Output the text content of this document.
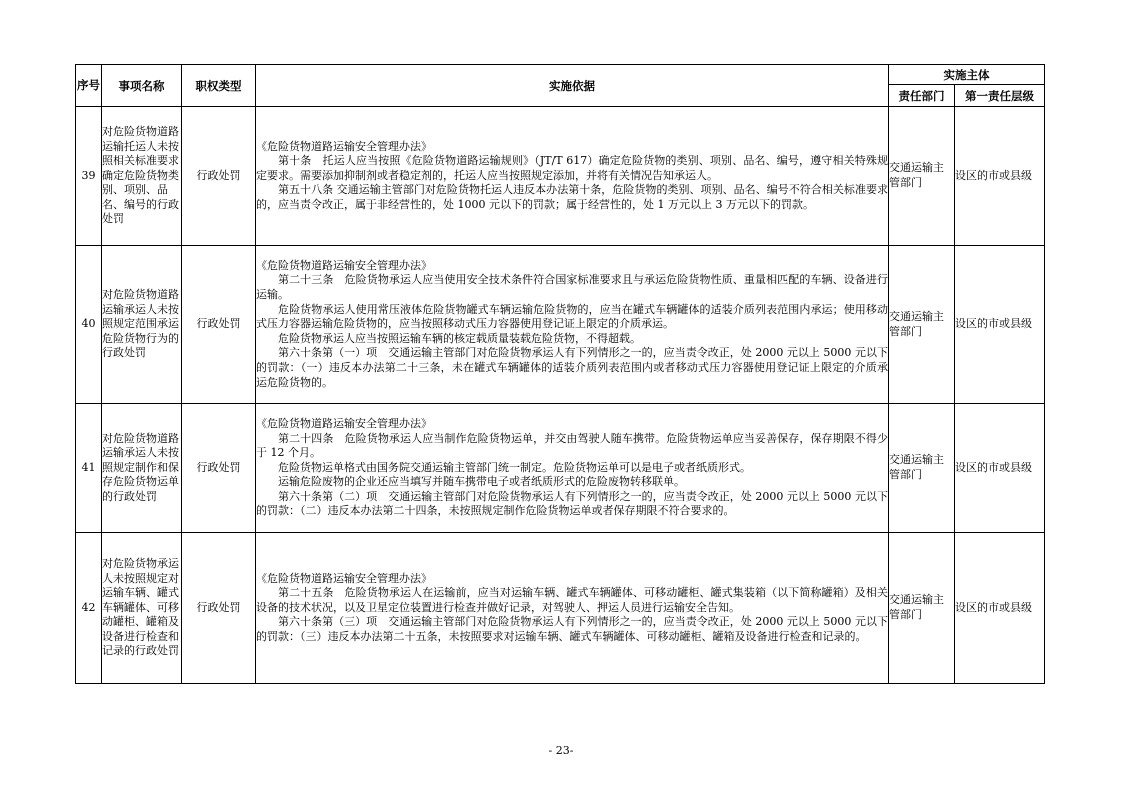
序号	事项名称	职权类型	实施依据	实施主体	
				责任部门	第一责任层级
39	对危险货物道路运输托运人未按照相关标准要求确定危险货物类别、项别、品名、编号的行政处罚	行政处罚	《危险货物道路运输安全管理办法》
第十条　托运人应当按照《危险货物道路运输规则》（JT/T 617）确定危险货物的类别、项别、品名、编号，遵守相关特殊规定要求。需要添加抑制剂或者稳定剂的，托运人应当按照规定添加，并将有关情况告知承运人。
第五十八条 交通运输主管部门对危险货物托运人违反本办法第十条，危险货物的类别、项别、品名、编号不符合相关标准要求的，应当责令改正，属于非经营性的，处 1000 元以下的罚款；属于经营性的，处 1 万元以上 3 万元以下的罚款。	交通运输主管部门	设区的市或县级
40	对危险货物道路运输承运人未按照规定范围承运危险货物行为的行政处罚	行政处罚	《危险货物道路运输安全管理办法》
第二十三条　危险货物承运人应当使用安全技术条件符合国家标准要求且与承运危险货物性质、重量相匹配的车辆、设备进行运输。
危险货物承运人使用常压液体危险货物罐式车辆运输危险货物的，应当在罐式车辆罐体的适装介质列表范围内承运；使用移动式压力容器运输危险货物的，应当按照移动式压力容器使用登记证上限定的介质承运。
危险货物承运人应当按照运输车辆的核定载质量装载危险货物，不得超载。
第六十条第（一）项　交通运输主管部门对危险货物承运人有下列情形之一的，应当责令改正，处 2000 元以上 5000 元以下的罚款：（一）违反本办法第二十三条，未在罐式车辆罐体的适装介质列表范围内或者移动式压力容器使用登记证上限定的介质承运危险货物的。	交通运输主管部门	设区的市或县级
41	对危险货物道路运输承运人未按照规定制作和保存危险货物运单的行政处罚	行政处罚	《危险货物道路运输安全管理办法》
第二十四条　危险货物承运人应当制作危险货物运单，并交由驾驶人随车携带。危险货物运单应当妥善保存，保存期限不得少于 12 个月。
危险货物运单格式由国务院交通运输主管部门统一制定。危险货物运单可以是电子或者纸质形式。
运输危险废物的企业还应当填写并随车携带电子或者纸质形式的危险废物转移联单。
第六十条第（二）项　交通运输主管部门对危险货物承运人有下列情形之一的，应当责令改正，处 2000 元以上 5000 元以下的罚款：（二）违反本办法第二十四条，未按照规定制作危险货物运单或者保存期限不符合要求的。	交通运输主管部门	设区的市或县级
42	对危险货物承运人未按照规定对运输车辆、罐式车辆罐体、可移动罐柜、罐箱及设备进行检查和记录的行政处罚	行政处罚	《危险货物道路运输安全管理办法》
第二十五条　危险货物承运人在运输前，应当对运输车辆、罐式车辆罐体、可移动罐柜、罐式集装箱（以下简称罐箱）及相关设备的技术状况，以及卫星定位装置进行检查并做好记录，对驾驶人、押运人员进行运输安全告知。
第六十条第（三）项　交通运输主管部门对危险货物承运人有下列情形之一的，应当责令改正，处 2000 元以上 5000 元以下的罚款：（三）违反本办法第二十五条，未按照要求对运输车辆、罐式车辆罐体、可移动罐柜、罐箱及设备进行检查和记录的。	交通运输主管部门	设区的市或县级
- 23-
